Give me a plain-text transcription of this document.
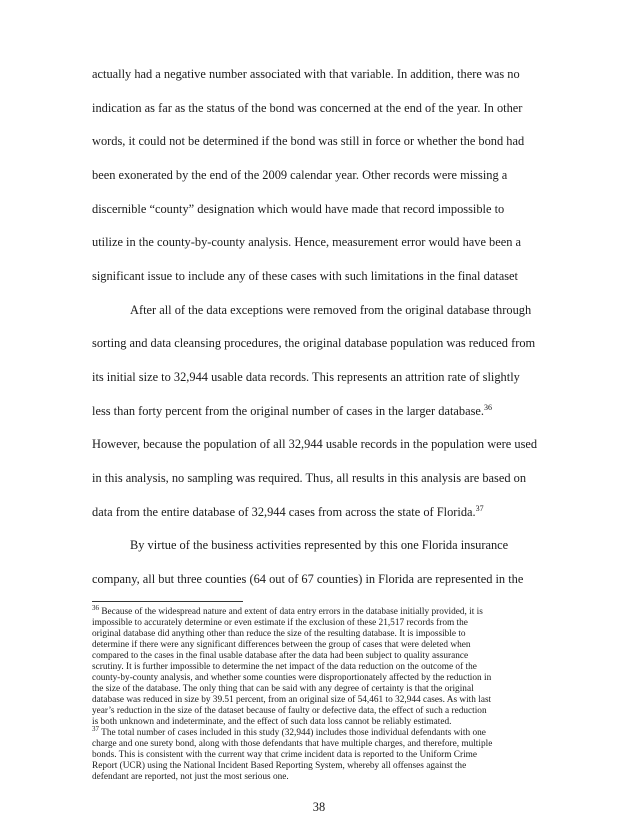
actually had a negative number associated with that variable. In addition, there was no
indication as far as the status of the bond was concerned at the end of the year. In other
words, it could not be determined if the bond was still in force or whether the bond had
been exonerated by the end of the 2009 calendar year. Other records were missing a
discernible “county” designation which would have made that record impossible to
utilize in the county-by-county analysis. Hence, measurement error would have been a
significant issue to include any of these cases with such limitations in the final dataset
After all of the data exceptions were removed from the original database through
sorting and data cleansing procedures, the original database population was reduced from
its initial size to 32,944 usable data records. This represents an attrition rate of slightly
less than forty percent from the original number of cases in the larger database.$^{36}$
However, because the population of all 32,944 usable records in the population were used
in this analysis, no sampling was required. Thus, all results in this analysis are based on
data from the entire database of 32,944 cases from across the state of Florida.$^{37}$
By virtue of the business activities represented by this one Florida insurance
company, all but three counties (64 out of 67 counties) in Florida are represented in the
$^{36}$ Because of the widespread nature and extent of data entry errors in the database initially provided, it is
impossible to accurately determine or even estimate if the exclusion of these 21,517 records from the
original database did anything other than reduce the size of the resulting database. It is impossible to
determine if there were any significant differences between the group of cases that were deleted when
compared to the cases in the final usable database after the data had been subject to quality assurance
scrutiny. It is further impossible to determine the net impact of the data reduction on the outcome of the
county-by-county analysis, and whether some counties were disproportionately affected by the reduction in
the size of the database. The only thing that can be said with any degree of certainty is that the original
database was reduced in size by 39.51 percent, from an original size of 54,461 to 32,944 cases. As with last
year’s reduction in the size of the dataset because of faulty or defective data, the effect of such a reduction
is both unknown and indeterminate, and the effect of such data loss cannot be reliably estimated.
$^{37}$ The total number of cases included in this study (32,944) includes those individual defendants with one
charge and one surety bond, along with those defendants that have multiple charges, and therefore, multiple
bonds. This is consistent with the current way that crime incident data is reported to the Uniform Crime
Report (UCR) using the National Incident Based Reporting System, whereby all offenses against the
defendant are reported, not just the most serious one.
38
